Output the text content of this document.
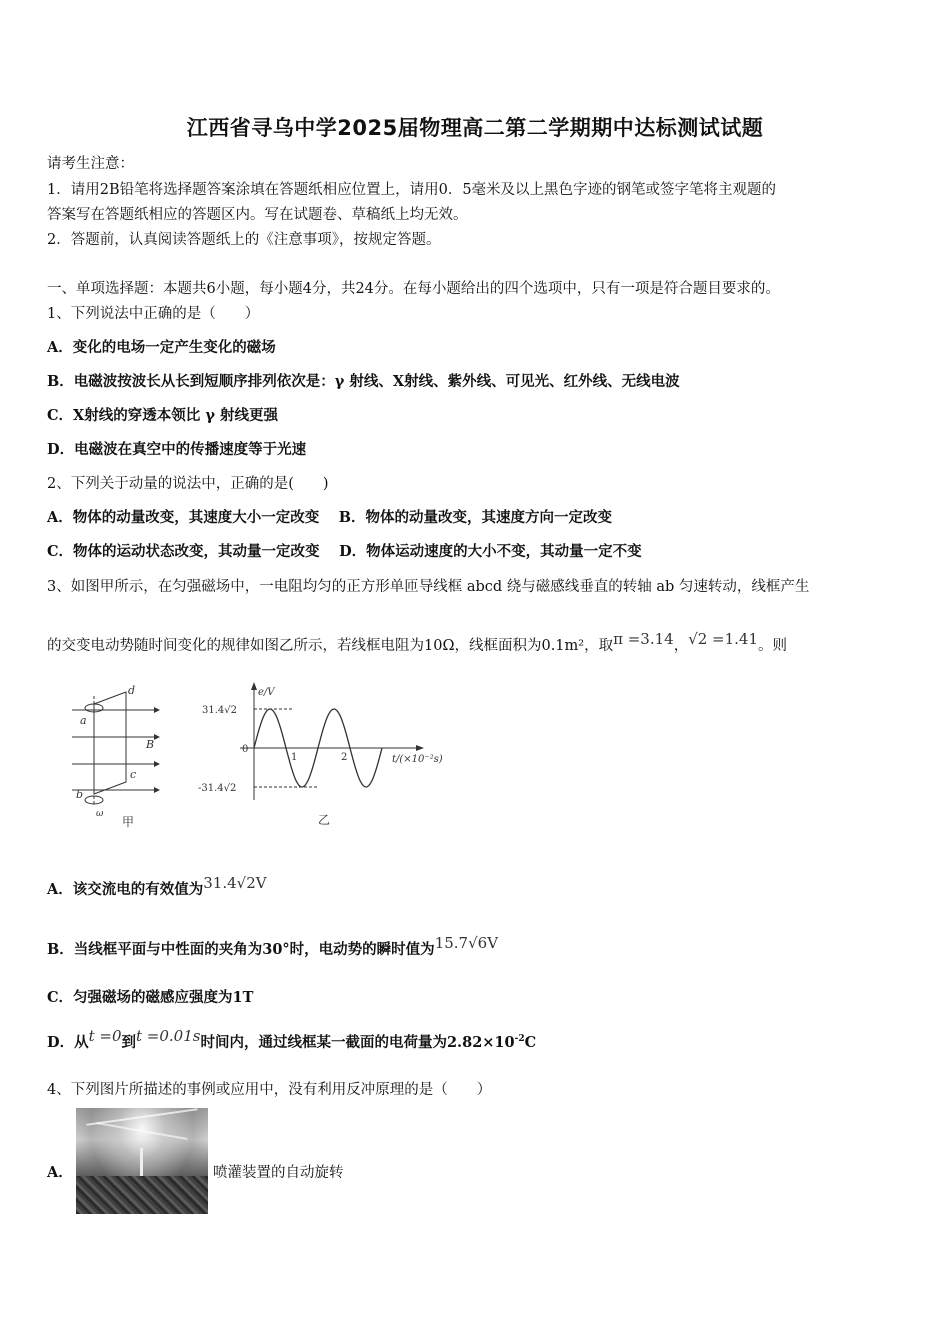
江西省寻乌中学2025届物理高二第二学期期中达标测试试题
请考生注意：
1．请用2B铅笔将选择题答案涂填在答题纸相应位置上，请用0．5毫米及以上黑色字迹的钢笔或签字笔将主观题的
答案写在答题纸相应的答题区内。写在试题卷、草稿纸上均无效。
2．答题前，认真阅读答题纸上的《注意事项》，按规定答题。
一、单项选择题：本题共6小题，每小题4分，共24分。在每小题给出的四个选项中，只有一项是符合题目要求的。
1、下列说法中正确的是（　　）
A．变化的电场一定产生变化的磁场
B．电磁波按波长从长到短顺序排列依次是：γ 射线、X射线、紫外线、可见光、红外线、无线电波
C．X射线的穿透本领比 γ 射线更强
D．电磁波在真空中的传播速度等于光速
2、下列关于动量的说法中，正确的是(　　)
A．物体的动量改变，其速度大小一定改变　 B．物体的动量改变，其速度方向一定改变
C．物体的运动状态改变，其动量一定改变　 D．物体运动速度的大小不变，其动量一定不变
3、如图甲所示，在匀强磁场中，一电阻均匀的正方形单匝导线框 abcd 绕与磁感线垂直的转轴 ab 匀速转动，线框产生
的交变电动势随时间变化的规律如图乙所示，若线框电阻为10Ω，线框面积为0.1m²，取π =3.14，√2 =1.41。则
a
b
c
d
B
ω
甲
e/V
31.4√2
0
-31.4√2
1	2	t/(×10⁻²s)
乙
A．该交流电的有效值为31.4√2V
B．当线框平面与中性面的夹角为30°时，电动势的瞬时值为15.7√6V
C．匀强磁场的磁感应强度为1T
D．从t =0到t =0.01s时间内，通过线框某一截面的电荷量为$2.82\times 10^{-2}C$
4、下列图片所描述的事例或应用中，没有利用反冲原理的是（　　）
A．	喷灌装置的自动旋转
